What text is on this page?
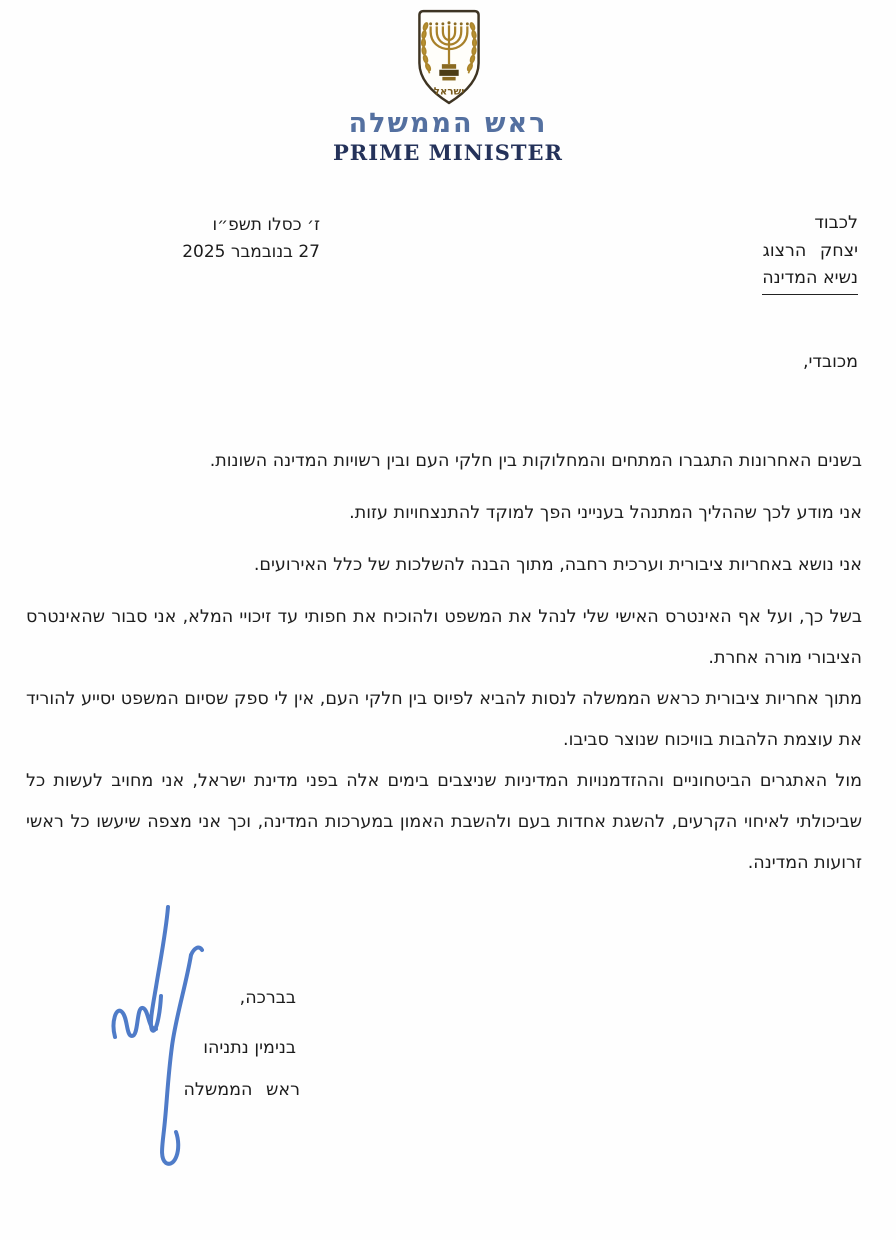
ישראל
ראש הממשלה
PRIME MINISTER
ז׳ כסלו תשפ״ו
27 בנובמבר 2025
לכבוד
יצחק הרצוג
נשיא המדינה
מכובדי,

בשנים האחרונות התגברו המתחים והמחלוקות בין חלקי העם ובין רשויות המדינה השונות.

אני מודע לכך שההליך המתנהל בענייני הפך למוקד להתנצחויות עזות.

אני נושא באחריות ציבורית וערכית רחבה, מתוך הבנה להשלכות של כלל האירועים.

בשל כך, ועל אף האינטרס האישי שלי לנהל את המשפט ולהוכיח את חפותי עד זיכויי המלא, אני סבור שהאינטרס הציבורי מורה אחרת.

מתוך אחריות ציבורית כראש הממשלה לנסות להביא לפיוס בין חלקי העם, אין לי ספק שסיום המשפט יסייע להוריד את עוצמת הלהבות בוויכוח שנוצר סביבו.

מול האתגרים הביטחוניים וההזדמנויות המדיניות שניצבים בימים אלה בפני מדינת ישראל, אני מחויב לעשות כל שביכולתי לאיחוי הקרעים, להשגת אחדות בעם ולהשבת האמון במערכות המדינה, וכך אני מצפה שיעשו כל ראשי זרועות המדינה.

בברכה,
בנימין נתניהו
ראש הממשלה
